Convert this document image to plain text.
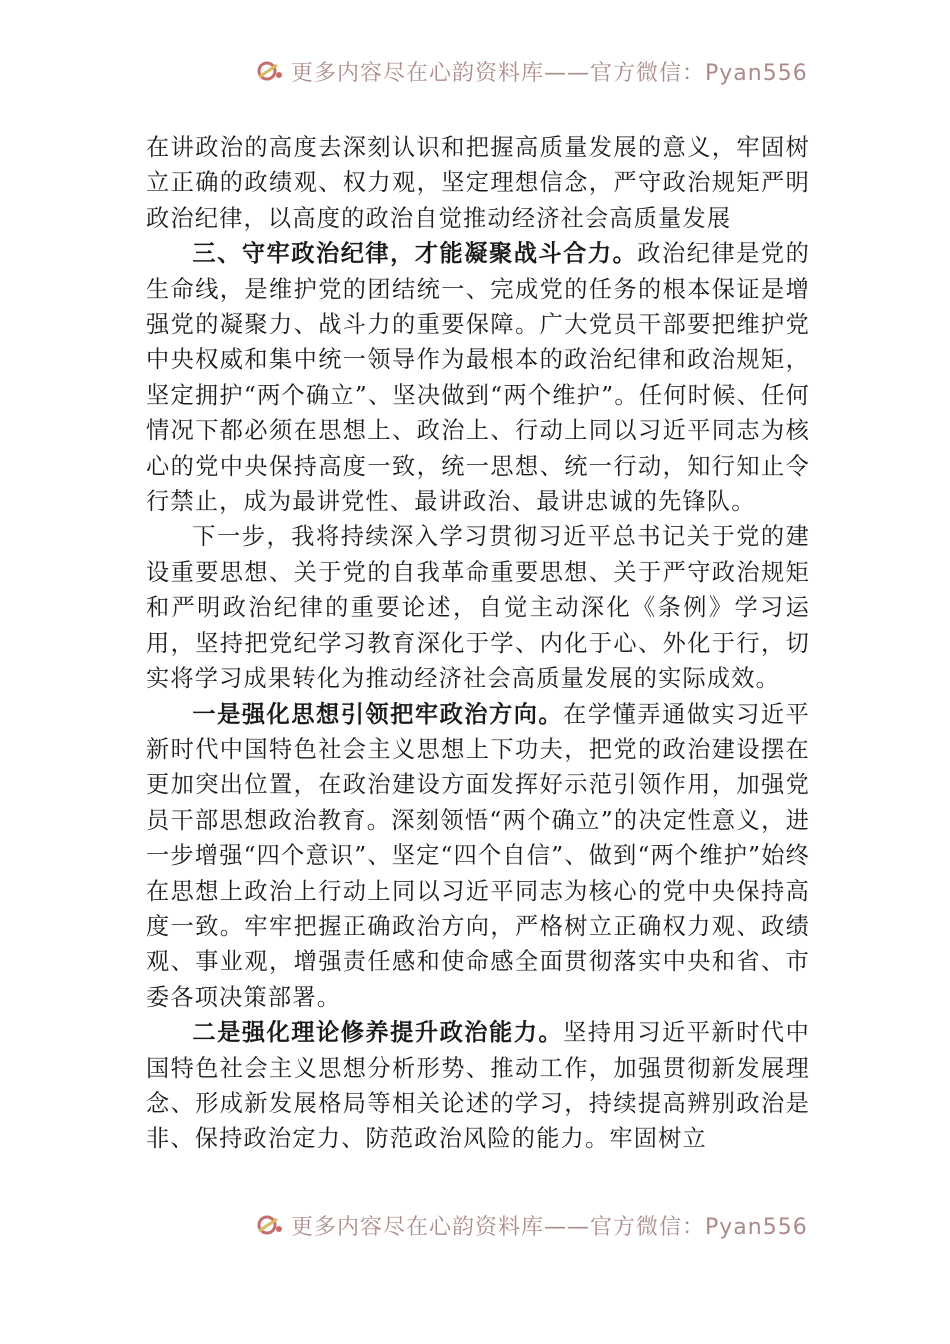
更多内容尽在心韵资料库——官方微信：Pyan556

在讲政治的高度去深刻认识和把握高质量发展的意义，牢固树立正确的政绩观、权力观，坚定理想信念，严守政治规矩严明政治纪律，以高度的政治自觉推动经济社会高质量发展

三、守牢政治纪律，才能凝聚战斗合力。政治纪律是党的生命线，是维护党的团结统一、完成党的任务的根本保证是增强党的凝聚力、战斗力的重要保障。广大党员干部要把维护党中央权威和集中统一领导作为最根本的政治纪律和政治规矩，坚定拥护“两个确立”、坚决做到“两个维护”。任何时候、任何情况下都必须在思想上、政治上、行动上同以习近平同志为核心的党中央保持高度一致，统一思想、统一行动，知行知止令行禁止，成为最讲党性、最讲政治、最讲忠诚的先锋队。

下一步，我将持续深入学习贯彻习近平总书记关于党的建设重要思想、关于党的自我革命重要思想、关于严守政治规矩和严明政治纪律的重要论述，自觉主动深化《条例》学习运用，坚持把党纪学习教育深化于学、内化于心、外化于行，切实将学习成果转化为推动经济社会高质量发展的实际成效。

一是强化思想引领把牢政治方向。在学懂弄通做实习近平新时代中国特色社会主义思想上下功夫，把党的政治建设摆在更加突出位置，在政治建设方面发挥好示范引领作用，加强党员干部思想政治教育。深刻领悟“两个确立”的决定性意义，进一步增强“四个意识”、坚定“四个自信”、做到“两个维护”始终在思想上政治上行动上同以习近平同志为核心的党中央保持高度一致。牢牢把握正确政治方向，严格树立正确权力观、政绩观、事业观，增强责任感和使命感全面贯彻落实中央和省、市委各项决策部署。

二是强化理论修养提升政治能力。坚持用习近平新时代中国特色社会主义思想分析形势、推动工作，加强贯彻新发展理念、形成新发展格局等相关论述的学习，持续提高辨别政治是非、保持政治定力、防范政治风险的能力。牢固树立

更多内容尽在心韵资料库——官方微信：Pyan556
